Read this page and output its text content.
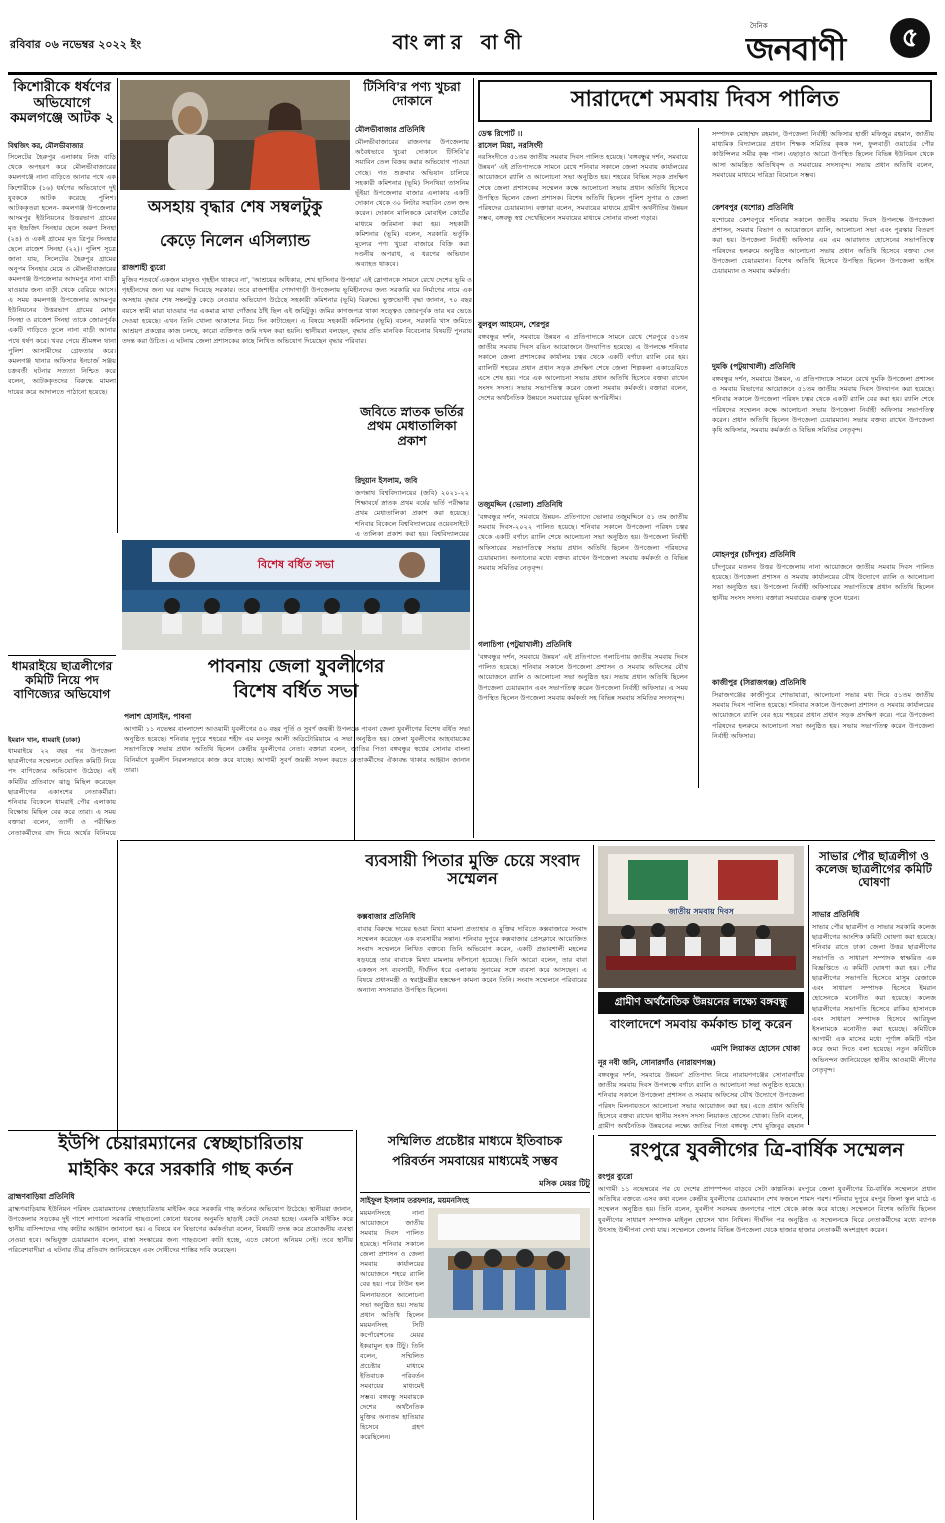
রবিবার ০৬ নভেম্বর ২০২২ ইং	বাংলার বাণী
দৈনিক
জনবাণী	৫
কিশোরীকে ধর্ষণের অভিযোগে কমলগঞ্জে আটক ২
বিশ্বজিৎ কর, মৌলভীবাজার
সিলেটের হৈরুপুর এলাকায় নিজ বাড়ি থেকে অপহরণ করে মৌলভীবাজারের কমলগঞ্জে নানা বাড়িতে আনার পথে এক কিশোরীকে (১৬) ধর্ষণের অভিযোগে দুই যুবককে আটক করেছে পুলিশ। আটককৃতরা হলেন- কমলগঞ্জ উপজেলার আদমপুর ইউনিয়নের উত্তরভাগ গ্রামের মৃত ইন্দ্রজিৎ সিনহার ছেলে অরুণ সিনহা (২৪) ও একই গ্রামের মৃত ত্রিপুর সিনহার ছেলে রাজেশ সিনহা (২২)। পুলিশ সূত্রে জানা যায়, সিলেটের হৈরুপুর গ্রামের অনুপম সিনহার মেয়ে ও মৌলভীবাজারের কমলগঞ্জ উপজেলার আদমপুর নানা বাড়ী যাওয়ার জন্য বাড়ী থেকে বেরিয়ে আসে। এ সময় কমলগঞ্জ উপজেলার আদমপুর ইউনিয়নের উত্তরভাগ গ্রামের মোহন সিনহা ও রাজেশ সিনহা তাকে জোরপূর্বক একটি গাড়িতে তুলে নানা বাড়ী আনার পথে ধর্ষণ করে। খবর পেয়ে শ্রীমঙ্গল থানা পুলিশ আসামীদের গ্রেফতার করে। কমলগঞ্জ থানার অফিসার ইনচার্জ সঞ্জয় চক্রবর্তী ঘটনার সত্যতা নিশ্চিত করে বলেন, আটককৃতদের বিরুদ্ধে মামলা দায়ের করে আদালতে পাঠানো হয়েছে।
অসহায় বৃদ্ধার শেষ সম্বলটুকু
কেড়ে নিলেন এসিল্যান্ড
রাজশাহী ব্যুরো
মুজিব শতবর্ষে একজন মানুষও গৃহহীন থাকবে না', 'আশ্রয়ের অধিকার, শেখ হাসিনার উপহার' এই স্লোগানকে সামনে রেখে দেশের ভূমি ও গৃহহীনদের জন্য ঘর বরাদ্দ দিয়েছে সরকার। তবে রাজশাহীর গোদাগাড়ী উপজেলায় ভূমিহীনদের জন্য সরকারি ঘর নির্মাণের নামে এক অসহায় বৃদ্ধার শেষ সম্বলটুকু কেড়ে নেওয়ার অভিযোগ উঠেছে সহকারী কমিশনার (ভূমি) বিরুদ্ধে। ভুক্তভোগী বৃদ্ধা জানান, ৭০ বছর বয়সে স্বামী মারা যাওয়ার পর একমাত্র মাথা গোঁজার ঠাঁই ছিল এই জমিটুকু। জমির কাগজপত্র থাকা সত্ত্বেও জোরপূর্বক তার ঘর ভেঙে দেওয়া হয়েছে। এখন তিনি খোলা আকাশের নিচে দিন কাটাচ্ছেন। এ বিষয়ে সহকারী কমিশনার (ভূমি) বলেন, সরকারি খাস জমিতে আশ্রয়ণ প্রকল্পের কাজ চলছে, কারো ব্যক্তিগত জমি দখল করা হয়নি। স্থানীয়রা বলছেন, বৃদ্ধার প্রতি মানবিক বিবেচনায় বিষয়টি পুনরায় তদন্ত করা উচিত। এ ঘটনায় জেলা প্রশাসকের কাছে লিখিত অভিযোগ দিয়েছেন বৃদ্ধার পরিবার।
টিসিবি'র পণ্য খুচরা দোকানে
মৌলভীবাজার প্রতিনিধি
মৌলভীবাজারের রাজনগর উপজেলায় অবৈধভাবে খুচরা দোকানে টিসিবি'র সয়াবিন তেল বিক্রয় করার অভিযোগ পাওয়া গেছে। গত শুক্রবার অভিযান চালিয়ে সহকারী কমিশনার (ভূমি) সিনথিয়া তাসনিম ভূঁইয়া উপজেলার বাজার এলাকায় একটি দোকান থেকে ৩০ লিটার সয়াবিন তেল জব্দ করেন। দোকান মালিককে মোবাইল কোর্টের মাধ্যমে জরিমানা করা হয়। সহকারী কমিশনার (ভূমি) বলেন, সরকারি ভর্তুকি মূল্যের পণ্য খুচরা বাজারে বিক্রি করা দণ্ডনীয় অপরাধ, এ ধরণের অভিযান অব্যাহত থাকবে।
জবিতে স্নাতক ভর্তির প্রথম মেধাতালিকা প্রকাশ
রিদুয়ান ইসলাম, জবি
জগন্নাথ বিশ্ববিদ্যালয়ের (জবি) ২০২১-২২ শিক্ষাবর্ষে স্নাতক প্রথম বর্ষের ভর্তি পরীক্ষার প্রথম মেধাতালিকা প্রকাশ করা হয়েছে। শনিবার বিকেলে বিশ্ববিদ্যালয়ের ওয়েবসাইটে এ তালিকা প্রকাশ করা হয়। বিশ্ববিদ্যালয়ের
সারাদেশে সমবায় দিবস পালিত
ডেস্ক রিপোর্ট ।।
রাসেল মিয়া, নরসিংদী
নরসিংদীতে ৫১তম জাতীয় সমবায় দিবস পালিত হয়েছে। 'বঙ্গবন্ধুর দর্শন, সমবায়ে উন্নয়ন' এই প্রতিপাদ্যকে সামনে রেখে শনিবার সকালে জেলা সমবায় কার্যালয়ের আয়োজনে র‍্যালি ও আলোচনা সভা অনুষ্ঠিত হয়। শহরের বিভিন্ন সড়ক প্রদক্ষিণ শেষে জেলা প্রশাসকের সম্মেলন কক্ষে আলোচনা সভায় প্রধান অতিথি হিসেবে উপস্থিত ছিলেন জেলা প্রশাসক। বিশেষ অতিথি ছিলেন পুলিশ সুপার ও জেলা পরিষদের চেয়ারম্যান। বক্তারা বলেন, সমবায়ের মাধ্যমে গ্রামীণ অর্থনীতির উন্নয়ন সম্ভব, বঙ্গবন্ধু স্বপ্ন দেখেছিলেন সমবায়ের মাধ্যমে সোনার বাংলা গড়ার।
বুলবুল আহমেদ, শেরপুর
বঙ্গবন্ধুর দর্শন, সমবায়ে উন্নয়ন এ প্রতিপাদ্যকে সামনে রেখে শেরপুরে ৫১তম জাতীয় সমবায় দিবস রঙিন আয়োজনে উদযাপিত হয়েছে। এ উপলক্ষে শনিবার সকালে জেলা প্রশাসকের কার্যালয় চত্বর থেকে একটি বর্ণাঢ্য র‍্যালি বের হয়। র‍্যালিটি শহরের প্রধান প্রধান সড়ক প্রদক্ষিণ শেষে জেলা শিল্পকলা একাডেমিতে এসে শেষ হয়। পরে এক আলোচনা সভায় প্রধান অতিথি হিসেবে বক্তব্য রাখেন সংসদ সদস্য। সভায় সভাপতিত্ব করেন জেলা সমবায় কর্মকর্তা। বক্তারা বলেন, দেশের অর্থনৈতিক উন্নয়নে সমবায়ের ভূমিকা অপরিসীম।
তজুমদ্দিন (ভোলা) প্রতিনিধি
'বঙ্গবন্ধুর দর্শন, সমবায়ে উন্নয়ন- প্রতিপাদ্যে ভোলার তজুমদ্দিনে ৫১ তম জাতীয় সমবায় দিবস-২০২২ পালিত হয়েছে। শনিবার সকালে উপজেলা পরিষদ চত্বর থেকে একটি বর্ণাঢ্য র‍্যালি শেষে আলোচনা সভা অনুষ্ঠিত হয়। উপজেলা নির্বাহী অফিসারের সভাপতিত্বে সভায় প্রধান অতিথি ছিলেন উপজেলা পরিষদের চেয়ারম্যান। অন্যান্যের মধ্যে বক্তব্য রাখেন উপজেলা সমবায় কর্মকর্তা ও বিভিন্ন সমবায় সমিতির নেতৃবৃন্দ।
গলাচিপা (পটুয়াখালী) প্রতিনিধি
'বঙ্গবন্ধুর দর্শন, সমবায়ে উন্নয়ন' এই প্রতিপাদ্যে গলাচিপায় জাতীয় সমবায় দিবস পালিত হয়েছে। শনিবার সকালে উপজেলা প্রশাসন ও সমবায় অফিসের যৌথ আয়োজনে র‍্যালি ও আলোচনা সভা অনুষ্ঠিত হয়। সভায় প্রধান অতিথি ছিলেন উপজেলা চেয়ারম্যান এবং সভাপতিত্ব করেন উপজেলা নির্বাহী অফিসার। এ সময় উপস্থিত ছিলেন উপজেলা সমবায় কর্মকর্তা সহ বিভিন্ন সমবায় সমিতির সদস্যবৃন্দ।
সম্পাদক মোহাম্মদ রহমান, উপজেলা নির্বাহী অফিসার হাজী মফিজুর রহমান, জাতীয় মাধ্যমিক বিদ্যালয়ের প্রধান শিক্ষক সমিতির কৃষক দল, ফুলবাড়ী ওয়ার্ডের পৌর কাউন্সিলর সমীর কৃষ্ণ পাল। এছাড়াও আরো উপস্থিত ছিলেন বিভিন্ন ইউনিয়ন থেকে আসা আমন্ত্রিত অতিথিবৃন্দ ও সমবায়ের সদস্যবৃন্দ। সভায় প্রধান অতিথি বলেন, সমবায়ের মাধ্যমে দারিদ্র্য বিমোচন সম্ভব।
কেশবপুর (যশোর) প্রতিনিধি
যশোরের কেশবপুরে শনিবার সকালে জাতীয় সমবায় দিবস উপলক্ষে উপজেলা প্রশাসন, সমবায় বিভাগ ও আয়োজনে র‍্যালি, আলোচনা সভা এবং পুরস্কার বিতরণ করা হয়। উপজেলা নির্বাহী অফিসার এম এম আরাফাত হোসেনের সভাপতিত্বে পরিষদের হলরুমে অনুষ্ঠিত আলোচনা সভায় প্রধান অতিথি হিসেবে বক্তব্য দেন উপজেলা চেয়ারম্যান। বিশেষ অতিথি হিসেবে উপস্থিত ছিলেন উপজেলা ভাইস চেয়ারম্যান ও সমবায় কর্মকর্তা।
দুমকি (পটুয়াখালী) প্রতিনিধি
বঙ্গবন্ধুর দর্শন, সমবায়ে উন্নয়ন, এ প্রতিপাদ্যকে সামনে রেখে দুমকি উপজেলা প্রশাসন ও সমবায় বিভাগের আয়োজনে ৫১তম জাতীয় সমবায় দিবস উদযাপন করা হয়েছে। শনিবার সকালে উপজেলা পরিষদ চত্বর থেকে একটি র‍্যালি বের করা হয়। র‍্যালি শেষে পরিষদের সম্মেলন কক্ষে আলোচনা সভায় উপজেলা নির্বাহী অফিসার সভাপতিত্ব করেন। প্রধান অতিথি ছিলেন উপজেলা চেয়ারম্যান। সভায় বক্তব্য রাখেন উপজেলা কৃষি অফিসার, সমবায় কর্মকর্তা ও বিভিন্ন সমিতির নেতৃবৃন্দ।
মোহনপুর (চাঁদপুর) প্রতিনিধি
চাঁদপুরের মতলব উত্তর উপজেলায় নানা আয়োজনে জাতীয় সমবায় দিবস পালিত হয়েছে। উপজেলা প্রশাসন ও সমবায় কার্যালয়ের যৌথ উদ্যোগে র‍্যালি ও আলোচনা সভা অনুষ্ঠিত হয়। উপজেলা নির্বাহী অফিসারের সভাপতিত্বে প্রধান অতিথি ছিলেন স্থানীয় সংসদ সদস্য। বক্তারা সমবায়ের গুরুত্ব তুলে ধরেন।
কাজীপুর (সিরাজগঞ্জ) প্রতিনিধি
সিরাজগঞ্জের কাজীপুরে শোভাযাত্রা, আলোচনা সভার মধ্য দিয়ে ৫১তম জাতীয় সমবায় দিবস পালিত হয়েছে। শনিবার সকালে উপজেলা প্রশাসন ও সমবায় কার্যালয়ের আয়োজনে র‍্যালি বের হয়ে শহরের প্রধান প্রধান সড়ক প্রদক্ষিণ করে। পরে উপজেলা পরিষদের হলরুমে আলোচনা সভা অনুষ্ঠিত হয়। সভায় সভাপতিত্ব করেন উপজেলা নির্বাহী অফিসার।
ধামরাইয়ে ছাত্রলীগের কমিটি নিয়ে পদ বাণিজ্যের অভিযোগ
ইমরান খান, ধামরাই (ঢাকা)
ধামরাইয়ে ২২ বছর পর উপজেলা ছাত্রলীগের সম্মেলনে ঘোষিত কমিটি নিয়ে পদ বাণিজ্যের অভিযোগ উঠেছে। এই কমিটির প্রতিবাদে ঝাড়ু মিছিল করেছেন ছাত্রলীগের একাংশের নেতাকর্মীরা। শনিবার বিকেলে ধামরাই পৌর এলাকায় বিক্ষোভ মিছিল বের করে তারা। এ সময় বক্তারা বলেন, ত্যাগী ও পরীক্ষিত নেতাকর্মীদের বাদ দিয়ে অর্থের বিনিময়ে
বিশেষ বর্ধিত সভা
পাবনায় জেলা যুবলীগের
বিশেষ বর্ধিত সভা
পলাশ হোসাইন, পাবনা
আগামী ১১ নভেম্বর বাংলাদেশ আওয়ামী যুবলীগের ৫০ বছর পূর্তি ও সুবর্ণ জয়ন্তী উপলক্ষে পাবনা জেলা যুবলীগের বিশেষ বর্ধিত সভা অনুষ্ঠিত হয়েছে। শনিবার দুপুরে শহরের শহীদ এম মনসুর আলী অডিটোরিয়ামে এ সভা অনুষ্ঠিত হয়। জেলা যুবলীগের আহবায়কের সভাপতিত্বে সভায় প্রধান অতিথি ছিলেন কেন্দ্রীয় যুবলীগের নেতা। বক্তারা বলেন, জাতির পিতা বঙ্গবন্ধুর স্বপ্নের সোনার বাংলা বিনির্মাণে যুবলীগ নিরলসভাবে কাজ করে যাচ্ছে। আগামী সুবর্ণ জয়ন্তী সফল করতে নেতাকর্মীদের ঐক্যবদ্ধ থাকার আহ্বান জানান তারা।
ব্যবসায়ী পিতার মুক্তি চেয়ে সংবাদ সম্মেলন
কক্সবাজার প্রতিনিধি
বাবার বিরুদ্ধে দায়ের হওয়া মিথ্যা মামলা প্রত্যাহার ও মুক্তির দাবিতে কক্সবাজারে সংবাদ সম্মেলন করেছেন এক ব্যবসায়ীর সন্তান। শনিবার দুপুরে কক্সবাজার প্রেসক্লাবে আয়োজিত সংবাদ সম্মেলনে লিখিত বক্তব্যে তিনি অভিযোগ করেন, একটি প্রভাবশালী মহলের ষড়যন্ত্রে তার বাবাকে মিথ্যা মামলায় ফাঁসানো হয়েছে। তিনি আরো বলেন, তার বাবা একজন সৎ ব্যবসায়ী, দীর্ঘদিন ধরে এলাকায় সুনামের সঙ্গে ব্যবসা করে আসছেন। এ বিষয়ে প্রধানমন্ত্রী ও স্বরাষ্ট্রমন্ত্রীর হস্তক্ষেপ কামনা করেন তিনি। সংবাদ সম্মেলনে পরিবারের অন্যান্য সদস্যরাও উপস্থিত ছিলেন।
জাতীয় সমবায় দিবস
গ্রামীণ অর্থনৈতিক উন্নয়নের লক্ষ্যে বঙ্গবন্ধু
বাংলাদেশে সমবায় কর্মকান্ড চালু করেন
এমপি লিয়াকত হোসেন খোকা
নূর নবী জনি, সোনারগাঁও (নারায়ণগঞ্জ)
বঙ্গবন্ধুর দর্শন, সমবায়ে উন্নয়ন' প্রতিপাদ্য নিয়ে নারায়ণগঞ্জের সোনারগাঁয়ে জাতীয় সমবায় দিবস উপলক্ষে বর্ণাঢ্য র‍্যালি ও আলোচনা সভা অনুষ্ঠিত হয়েছে। শনিবার সকালে উপজেলা প্রশাসন ও সমবায় অফিসের যৌথ উদ্যোগে উপজেলা পরিষদ মিলনায়তনে আলোচনা সভার আয়োজন করা হয়। এতে প্রধান অতিথি হিসেবে বক্তব্য রাখেন স্থানীয় সংসদ সদস্য লিয়াকত হোসেন খোকা। তিনি বলেন, গ্রামীণ অর্থনৈতিক উন্নয়নের লক্ষ্যে জাতির পিতা বঙ্গবন্ধু শেখ মুজিবুর রহমান
সাভার পৌর ছাত্রলীগ ও কলেজ ছাত্রলীগের কমিটি ঘোষণা
সাভার প্রতিনিধি
সাভার পৌর ছাত্রলীগ ও সাভার সরকারি কলেজ ছাত্রলীগের আংশিক কমিটি ঘোষণা করা হয়েছে। শনিবার রাতে ঢাকা জেলা উত্তর ছাত্রলীগের সভাপতি ও সাধারণ সম্পাদক স্বাক্ষরিত এক বিজ্ঞপ্তিতে এ কমিটি ঘোষণা করা হয়। পৌর ছাত্রলীগের সভাপতি হিসেবে মাসুম রেজাকে এবং সাধারণ সম্পাদক হিসেবে ইমরান হোসেনকে মনোনীত করা হয়েছে। কলেজ ছাত্রলীগের সভাপতি হিসেবে রাকিব হাসানকে এবং সাধারণ সম্পাদক হিসেবে আরিফুল ইসলামকে মনোনীত করা হয়েছে। কমিটিকে আগামী এক মাসের মধ্যে পূর্ণাঙ্গ কমিটি গঠন করে জমা দিতে বলা হয়েছে। নতুন কমিটিকে অভিনন্দন জানিয়েছেন স্থানীয় আওয়ামী লীগের নেতৃবৃন্দ।
ইউপি চেয়ারম্যানের স্বেচ্ছাচারিতায়
মাইকিং করে সরকারি গাছ কর্তন
ব্রাহ্মণবাড়িয়া প্রতিনিধি
ব্রাহ্মণবাড়িয়ায় ইউনিয়ন পরিষদ চেয়ারম্যানের স্বেচ্ছাচারিতায় মাইকিং করে সরকারি গাছ কর্তনের অভিযোগ উঠেছে। স্থানীয়রা জানান, উপজেলার সড়কের দুই পাশে লাগানো সরকারি গাছগুলো কোনো ধরনের অনুমতি ছাড়াই কেটে নেওয়া হচ্ছে। এমনকি মাইকিং করে স্থানীয় বাসিন্দাদের গাছ কাটার আহ্বান জানানো হয়। এ বিষয়ে বন বিভাগের কর্মকর্তারা বলেন, বিষয়টি তদন্ত করে প্রয়োজনীয় ব্যবস্থা নেওয়া হবে। অভিযুক্ত চেয়ারম্যান বলেন, রাস্তা সংস্কারের জন্য গাছগুলো কাটা হচ্ছে, এতে কোনো অনিয়ম নেই। তবে স্থানীয় পরিবেশবাদীরা এ ঘটনার তীব্র প্রতিবাদ জানিয়েছেন এবং দোষীদের শাস্তির দাবি করেছেন।
সম্মিলিত প্রচেষ্টার মাধ্যমে ইতিবাচক
পরিবর্তন সমবায়ের মাধ্যমেই সম্ভব
মসিক মেয়র টিটু
সাইফুল ইসলাম তরফদার, ময়মনসিংহ
ময়মনসিংহে নানা আয়োজনে জাতীয় সমবায় দিবস পালিত হয়েছে। শনিবার সকালে জেলা প্রশাসন ও জেলা সমবায় কার্যালয়ের আয়োজনে শহরে র‍্যালি বের হয়। পরে টাউন হল মিলনায়তনে আলোচনা সভা অনুষ্ঠিত হয়। সভায় প্রধান অতিথি ছিলেন ময়মনসিংহ সিটি কর্পোরেশনের মেয়র ইকরামুল হক টিটু। তিনি বলেন, সম্মিলিত প্রচেষ্টার মাধ্যমে ইতিবাচক পরিবর্তন সমবায়ের মাধ্যমেই সম্ভব। বঙ্গবন্ধু সমবায়কে দেশের অর্থনৈতিক মুক্তির অন্যতম হাতিয়ার হিসেবে গ্রহণ করেছিলেন।
রংপুরে যুবলীগের ত্রি-বার্ষিক সম্মেলন
রংপুর ব্যুরো
আগামী ১১ নভেম্বরের পর যে দেশের প্রাণস্পন্দন বাড়বে সেটা কাল্পনিক। রংপুরে জেলা যুবলীগের ত্রি-বার্ষিক সম্মেলনে প্রধান অতিথির বক্তব্যে এসব কথা বলেন কেন্দ্রীয় যুবলীগের চেয়ারম্যান শেখ ফজলে শামস পরশ। শনিবার দুপুরে রংপুর জিলা স্কুল মাঠে এ সম্মেলন অনুষ্ঠিত হয়। তিনি বলেন, যুবলীগ সবসময় জনগণের পাশে থেকে কাজ করে যাচ্ছে। সম্মেলনে বিশেষ অতিথি ছিলেন যুবলীগের সাধারণ সম্পাদক মাইনুল হোসেন খান নিখিল। দীর্ঘদিন পর অনুষ্ঠিত এ সম্মেলনকে ঘিরে নেতাকর্মীদের মধ্যে ব্যাপক উৎসাহ উদ্দীপনা দেখা যায়। সম্মেলনে জেলার বিভিন্ন উপজেলা থেকে হাজার হাজার নেতাকর্মী অংশগ্রহণ করেন।
